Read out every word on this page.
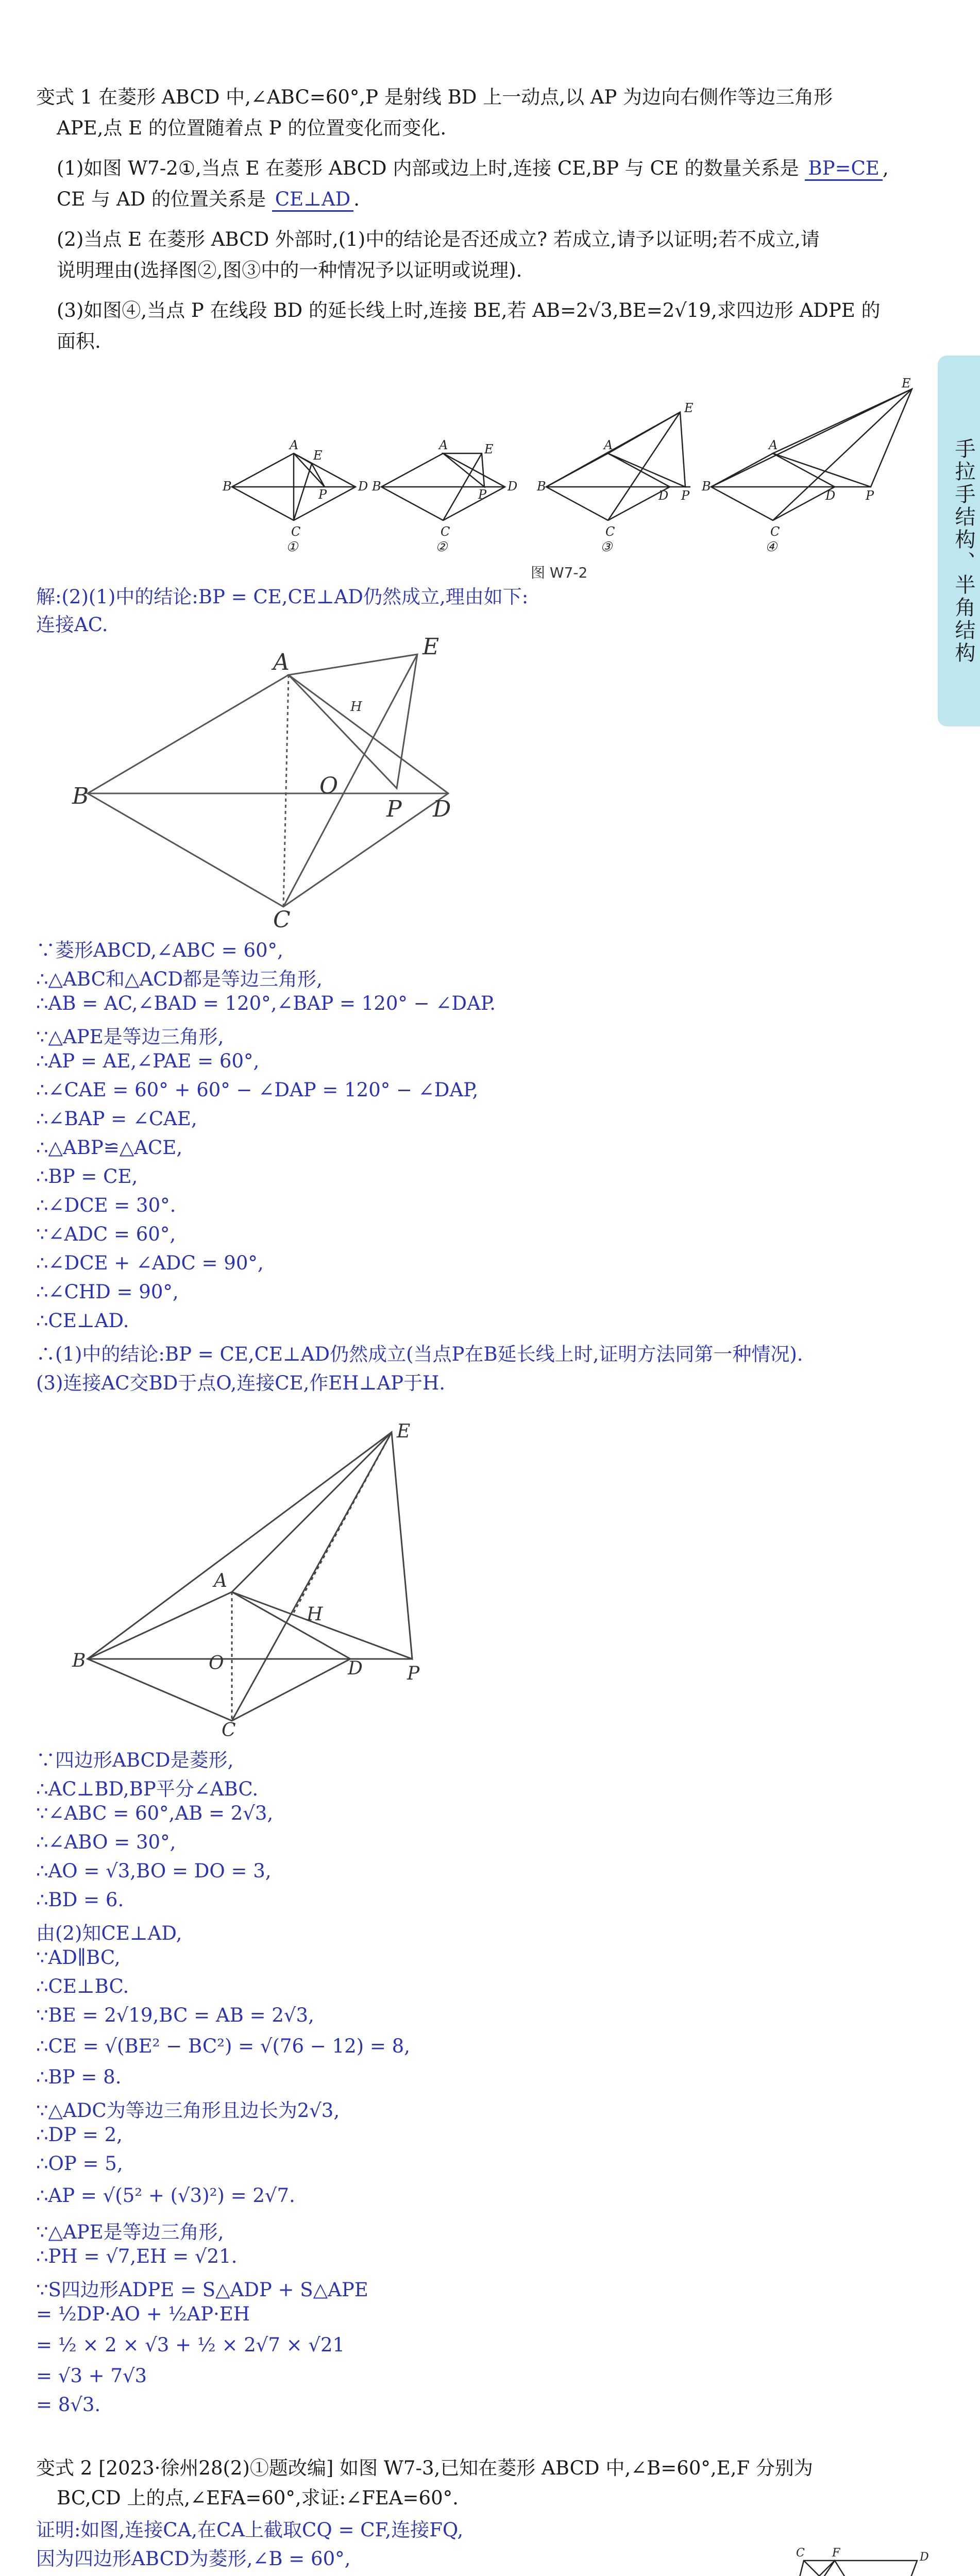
手拉手结构、半角结构
变式 1 在菱形 ABCD 中,∠ABC=60°,P 是射线 BD 上一动点,以 AP 为边向右侧作等边三角形
APE,点 E 的位置随着点 P 的位置变化而变化.
(1)如图 W7-2①,当点 E 在菱形 ABCD 内部或边上时,连接 CE,BP 与 CE 的数量关系是 BP=CE ,
CE 与 AD 的位置关系是 CE⊥AD .
(2)当点 E 在菱形 ABCD 外部时,(1)中的结论是否还成立? 若成立,请予以证明;若不成立,请
说明理由(选择图②,图③中的一种情况予以证明或说理).
(3)如图④,当点 P 在线段 BD 的延长线上时,连接 BE,若 AB=2√3,BE=2√19,求四边形 ADPE 的
面积.
B
A
D
C
E
P
B
A
D
C
E
P
B
A
D
C
E
P
B
A
D
C
E
P
①	②	③	④
图 W7-2
解:(2)(1)中的结论:BP = CE,CE⊥AD仍然成立,理由如下:
连接AC.
B
A
E
O
P D
C
H
∵菱形ABCD,∠ABC = 60°,
∴△ABC和△ACD都是等边三角形,
∴AB = AC,∠BAD = 120°,∠BAP = 120° − ∠DAP.
∵△APE是等边三角形,
∴AP = AE,∠PAE = 60°,
∴∠CAE = 60° + 60° − ∠DAP = 120° − ∠DAP,
∴∠BAP = ∠CAE,
∴△ABP≌△ACE,
∴BP = CE,
∴∠DCE = 30°.
∵∠ADC = 60°,
∴∠DCE + ∠ADC = 90°,
∴∠CHD = 90°,
∴CE⊥AD.
∴(1)中的结论:BP = CE,CE⊥AD仍然成立(当点P在B延长线上时,证明方法同第一种情况).
(3)连接AC交BD于点O,连接CE,作EH⊥AP于H.
B
A
E
O	D P
C
H
∵四边形ABCD是菱形,
∴AC⊥BD,BP平分∠ABC.
∵∠ABC = 60°,AB = 2√3,
∴∠ABO = 30°,
∴AO = √3,BO = DO = 3,
∴BD = 6.
由(2)知CE⊥AD,
∵AD∥BC,
∴CE⊥BC.
∵BE = 2√19,BC = AB = 2√3,
∴CE = √(BE² − BC²) = √(76 − 12) = 8,
∴BP = 8.
∵△ADC为等边三角形且边长为2√3,
∴DP = 2,
∴OP = 5,
∴AP = √(5² + (√3)²) = 2√7.
∵△APE是等边三角形,
∴PH = √7,EH = √21.
∵S四边形ADPE = S△ADP + S△APE
= ½DP·AO + ½AP·EH
= ½ × 2 × √3 + ½ × 2√7 × √21
= √3 + 7√3
= 8√3.
变式 2 [2023·徐州28(2)①题改编] 如图 W7-3,已知在菱形 ABCD 中,∠B=60°,E,F 分别为
BC,CD 上的点,∠EFA=60°,求证:∠FEA=60°.
C F	D
证明:如图,连接CA,在CA上截取CQ = CF,连接FQ,
因为四边形ABCD为菱形,∠B = 60°,
